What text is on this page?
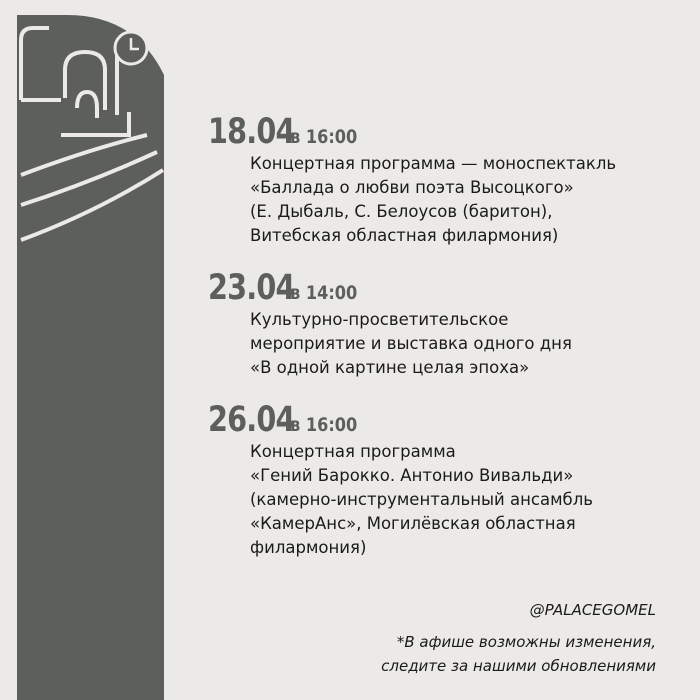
18.04
в 16:00
Концертная программа — моноспектакль
«Баллада о любви поэта Высоцкого»
(Е. Дыбаль, С. Белоусов (баритон),
Витебская областная филармония)
23.04
в 14:00
Культурно-просветительское
мероприятие и выставка одного дня
«В одной картине целая эпоха»
26.04
в 16:00
Концертная программа
«Гений Барокко. Антонио Вивальди»
(камерно-инструментальный ансамбль
«КамерАнс», Могилёвская областная
филармония)
@PALACEGOMEL
*В афише возможны изменения,
следите за нашими обновлениями
